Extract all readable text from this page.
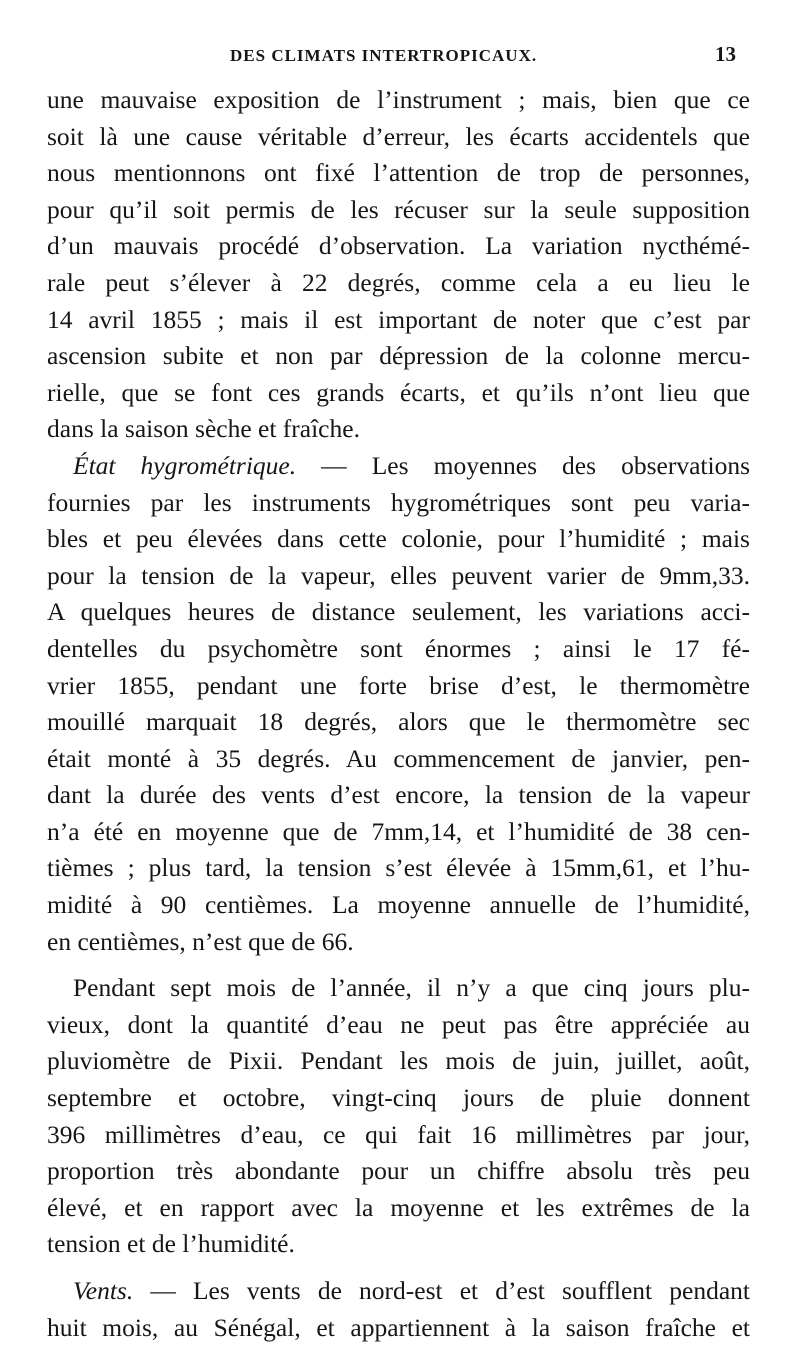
DES CLIMATS INTERTROPICAUX.	13

une mauvaise exposition de l’instrument ; mais, bien que ce

soit là une cause véritable d’erreur, les écarts accidentels que

nous mentionnons ont fixé l’attention de trop de personnes,

pour qu’il soit permis de les récuser sur la seule supposition

d’un mauvais procédé d’observation. La variation nycthémé-

rale peut s’élever à 22 degrés, comme cela a eu lieu le

14 avril 1855 ; mais il est important de noter que c’est par

ascension subite et non par dépression de la colonne mercu-

rielle, que se font ces grands écarts, et qu’ils n’ont lieu que

dans la saison sèche et fraîche.

État hygrométrique. — Les moyennes des observations

fournies par les instruments hygrométriques sont peu varia-

bles et peu élevées dans cette colonie, pour l’humidité ; mais

pour la tension de la vapeur, elles peuvent varier de 9mm,33.

A quelques heures de distance seulement, les variations acci-

dentelles du psychomètre sont énormes ; ainsi le 17 fé-

vrier 1855, pendant une forte brise d’est, le thermomètre

mouillé marquait 18 degrés, alors que le thermomètre sec

était monté à 35 degrés. Au commencement de janvier, pen-

dant la durée des vents d’est encore, la tension de la vapeur

n’a été en moyenne que de 7mm,14, et l’humidité de 38 cen-

tièmes ; plus tard, la tension s’est élevée à 15mm,61, et l’hu-

midité à 90 centièmes. La moyenne annuelle de l’humidité,

en centièmes, n’est que de 66.

Pendant sept mois de l’année, il n’y a que cinq jours plu-

vieux, dont la quantité d’eau ne peut pas être appréciée au

pluviomètre de Pixii. Pendant les mois de juin, juillet, août,

septembre et octobre, vingt-cinq jours de pluie donnent

396 millimètres d’eau, ce qui fait 16 millimètres par jour,

proportion très abondante pour un chiffre absolu très peu

élevé, et en rapport avec la moyenne et les extrêmes de la

tension et de l’humidité.

Vents. — Les vents de nord-est et d’est soufflent pendant

huit mois, au Sénégal, et appartiennent à la saison fraîche et
